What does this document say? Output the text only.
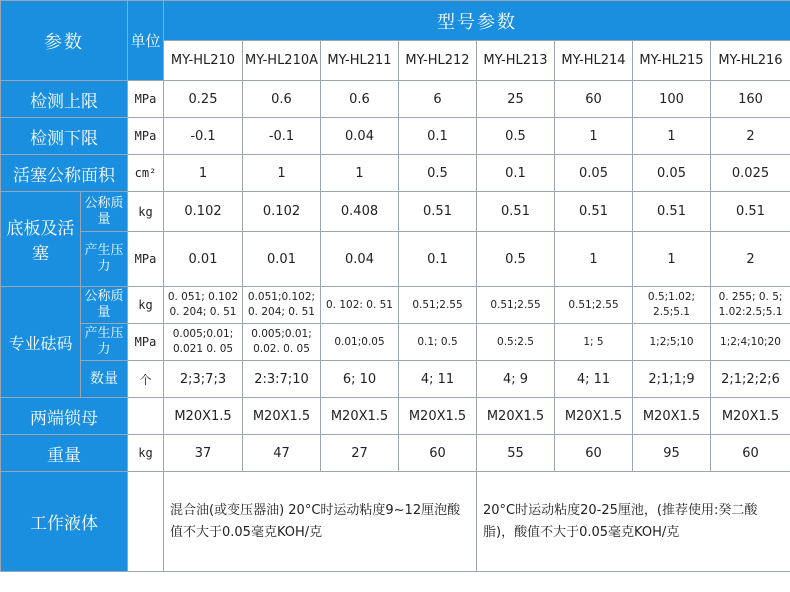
参数		单位	型号参数							
			MY-HL210	MY-HL210A	MY-HL211	MY-HL212	MY-HL213	MY-HL214	MY-HL215	MY-HL216
检测上限		MPa	0.25	0.6	0.6	6	25	60	100	160
检测下限		MPa	-0.1	-0.1	0.04	0.1	0.5	1	1	2
活塞公称面积		cm²	1	1	1	0.5	0.1	0.05	0.05	0.025
底板及活塞	公称质量	kg	0.102	0.102	0.408	0.51	0.51	0.51	0.51	0.51
	产生压力	MPa	0.01	0.01	0.04	0.1	0.5	1	1	2
专业砝码	公称质量	kg	0. 051; 0.102 0. 204; 0. 51	0.051;0.102; 0. 204; 0. 51	0. 102: 0. 51	0.51;2.55	0.51;2.55	0.51;2.55	0.5;1.02; 2.5;5.1	0. 255; 0. 5; 1.02:2.5;5.1
	产生压力	MPa	0.005;0.01; 0.021 0. 05	0.005;0.01; 0.02. 0. 05	0.01;0.05	0.1; 0.5	0.5:2.5	1; 5	1;2;5;10	1;2;4;10;20
	数量	个	2;3;7;3	2:3:7;10	6; 10	4; 11	4; 9	4; 11	2;1;1;9	2;1;2;2;6
两端锁母			M20X1.5	M20X1.5	M20X1.5	M20X1.5	M20X1.5	M20X1.5	M20X1.5	M20X1.5
重量		kg	37	47	27	60	55	60	95	60
工作液体			混合油(或变压器油) 20°C时运动粘度9~12厘泡酸值不大于0.05毫克KOH/克				20°C时运动粘度20-25厘池，(推荐使用:癸二酸脂)，酸值不大于0.05毫克KOH/克			
